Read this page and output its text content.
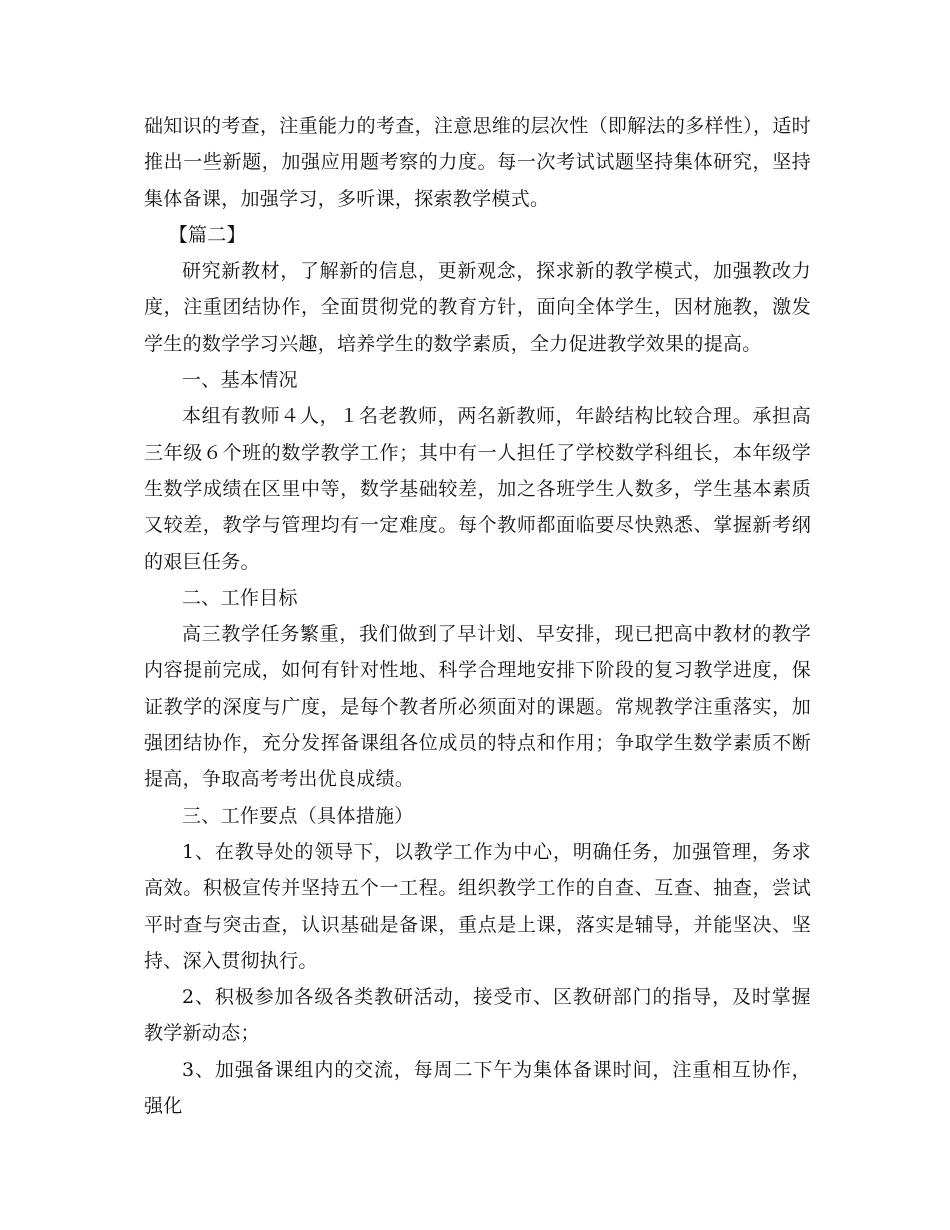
础知识的考查，注重能力的考查，注意思维的层次性（即解法的多样性），适时推出一些新题，加强应用题考察的力度。每一次考试试题坚持集体研究，坚持集体备课，加强学习，多听课，探索教学模式。

【篇二】

研究新教材，了解新的信息，更新观念，探求新的教学模式，加强教改力度，注重团结协作，全面贯彻党的教育方针，面向全体学生，因材施教，激发学生的数学学习兴趣，培养学生的数学素质，全力促进教学效果的提高。

一、基本情况

本组有教师４人，１名老教师，两名新教师，年龄结构比较合理。承担高三年级６个班的数学教学工作；其中有一人担任了学校数学科组长，本年级学生数学成绩在区里中等，数学基础较差，加之各班学生人数多，学生基本素质又较差，教学与管理均有一定难度。每个教师都面临要尽快熟悉、掌握新考纲的艰巨任务。

二、工作目标

高三教学任务繁重，我们做到了早计划、早安排，现已把高中教材的教学内容提前完成，如何有针对性地、科学合理地安排下阶段的复习教学进度，保证教学的深度与广度，是每个教者所必须面对的课题。常规教学注重落实，加强团结协作，充分发挥备课组各位成员的特点和作用；争取学生数学素质不断提高，争取高考考出优良成绩。

三、工作要点（具体措施）

1、在教导处的领导下，以教学工作为中心，明确任务，加强管理，务求高效。积极宣传并坚持五个一工程。组织教学工作的自查、互查、抽查，尝试平时查与突击查，认识基础是备课，重点是上课，落实是辅导，并能坚决、坚持、深入贯彻执行。

2、积极参加各级各类教研活动，接受市、区教研部门的指导，及时掌握教学新动态；

3、加强备课组内的交流，每周二下午为集体备课时间，注重相互协作，强化
